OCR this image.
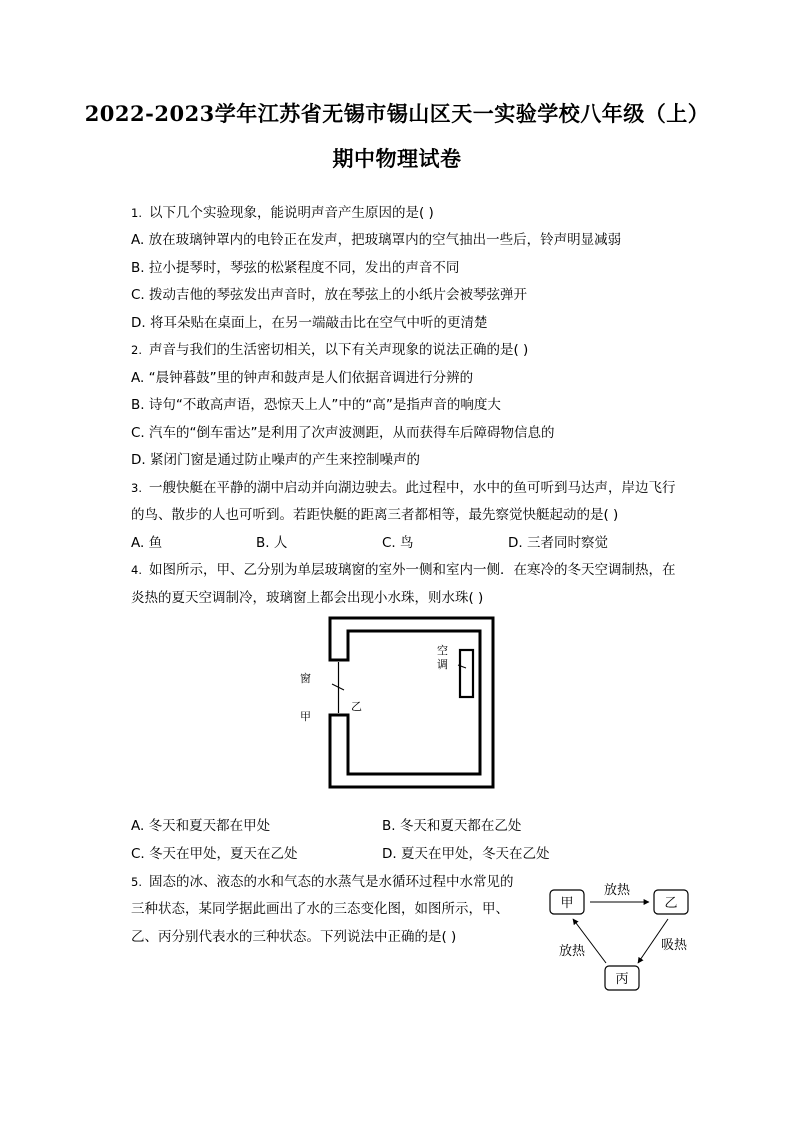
2022-2023学年江苏省无锡市锡山区天一实验学校八年级（上）
期中物理试卷
1. 以下几个实验现象，能说明声音产生原因的是( )
A. 放在玻璃钟罩内的电铃正在发声，把玻璃罩内的空气抽出一些后，铃声明显减弱
B. 拉小提琴时，琴弦的松紧程度不同，发出的声音不同
C. 拨动吉他的琴弦发出声音时，放在琴弦上的小纸片会被琴弦弹开
D. 将耳朵贴在桌面上，在另一端敲击比在空气中听的更清楚
2. 声音与我们的生活密切相关，以下有关声现象的说法正确的是( )
A. “晨钟暮鼓”里的钟声和鼓声是人们依据音调进行分辨的
B. 诗句“不敢高声语，恐惊天上人”中的“高”是指声音的响度大
C. 汽车的“倒车雷达”是利用了次声波测距，从而获得车后障碍物信息的
D. 紧闭门窗是通过防止噪声的产生来控制噪声的
3. 一艘快艇在平静的湖中启动并向湖边驶去。此过程中，水中的鱼可听到马达声，岸边飞行
的鸟、散步的人也可听到。若距快艇的距离三者都相等，最先察觉快艇起动的是( )
A. 鱼	B. 人	C. 鸟	D. 三者同时察觉
4. 如图所示，甲、乙分别为单层玻璃窗的室外一侧和室内一侧．在寒冷的冬天空调制热，在
炎热的夏天空调制冷，玻璃窗上都会出现小水珠，则水珠( )
窗
甲
乙
空
调
A. 冬天和夏天都在甲处	B. 冬天和夏天都在乙处
C. 冬天在甲处，夏天在乙处	D. 夏天在甲处，冬天在乙处
5. 固态的冰、液态的水和气态的水蒸气是水循环过程中水常见的
三种状态，某同学据此画出了水的三态变化图，如图所示，甲、
乙、丙分别代表水的三种状态。下列说法中正确的是( )
甲	乙
丙
放热
吸热
放热
